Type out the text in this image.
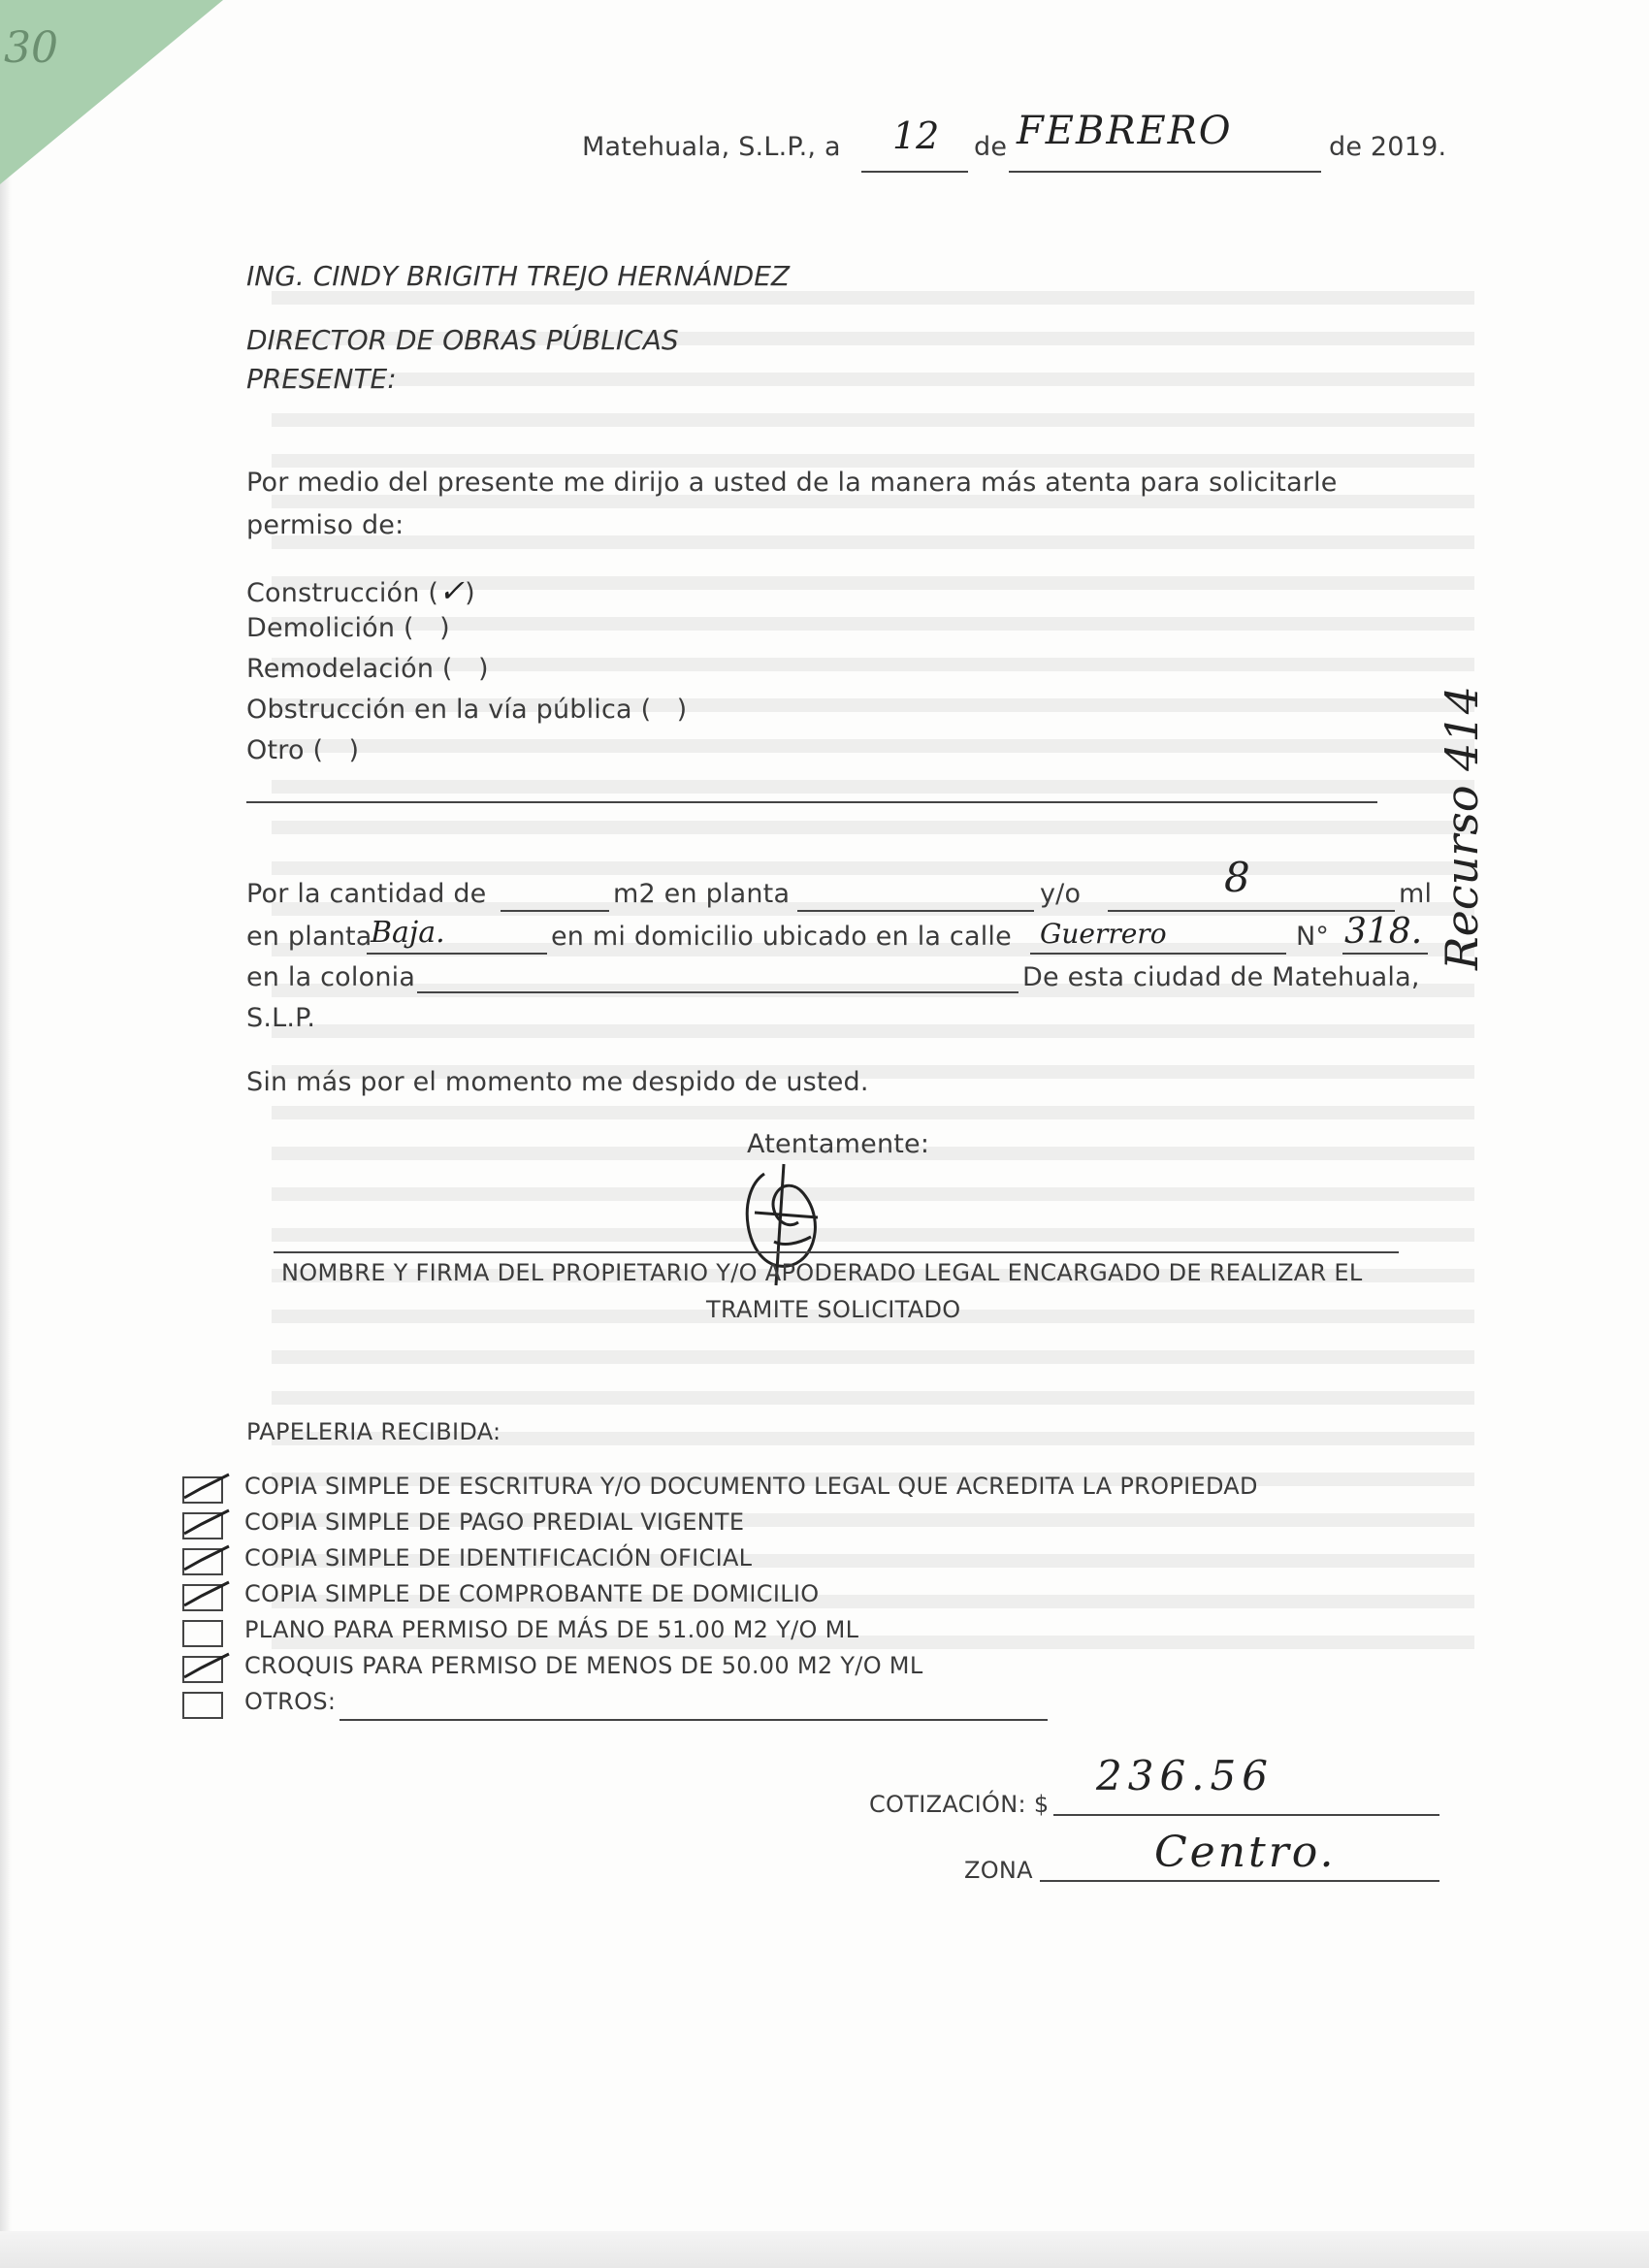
30
Matehuala, S.L.P., a 12 de FEBRERO	de 2019.
ING. CINDY BRIGITH TREJO HERNÁNDEZ
DIRECTOR DE OBRAS PÚBLICAS
PRESENTE:
Por medio del presente me dirijo a usted de la manera más atenta para solicitarle
permiso de:
Construcción (✓)
Demolición ( )
Remodelación ( )
Obstrucción en la vía pública ( )
Otro ( )
Por la cantidad de	m2 en planta	y/o	8	ml
en planta
Baja.	en mi domicilio ubicado en la calle Guerrero	N° 318.
en la colonia	De esta ciudad de Matehuala,
S.L.P.
Sin más por el momento me despido de usted.
Atentamente:
NOMBRE Y FIRMA DEL PROPIETARIO Y/O APODERADO LEGAL ENCARGADO DE REALIZAR EL
TRAMITE SOLICITADO
PAPELERIA RECIBIDA:
COPIA SIMPLE DE ESCRITURA Y/O DOCUMENTO LEGAL QUE ACREDITA LA PROPIEDAD
COPIA SIMPLE DE PAGO PREDIAL VIGENTE
COPIA SIMPLE DE IDENTIFICACIÓN OFICIAL
COPIA SIMPLE DE COMPROBANTE DE DOMICILIO
PLANO PARA PERMISO DE MÁS DE 51.00 M2 Y/O ML
CROQUIS PARA PERMISO DE MENOS DE 50.00 M2 Y/O ML
OTROS:
COTIZACIÓN: $
236.56
ZONA	Centro.
Recurso 414
